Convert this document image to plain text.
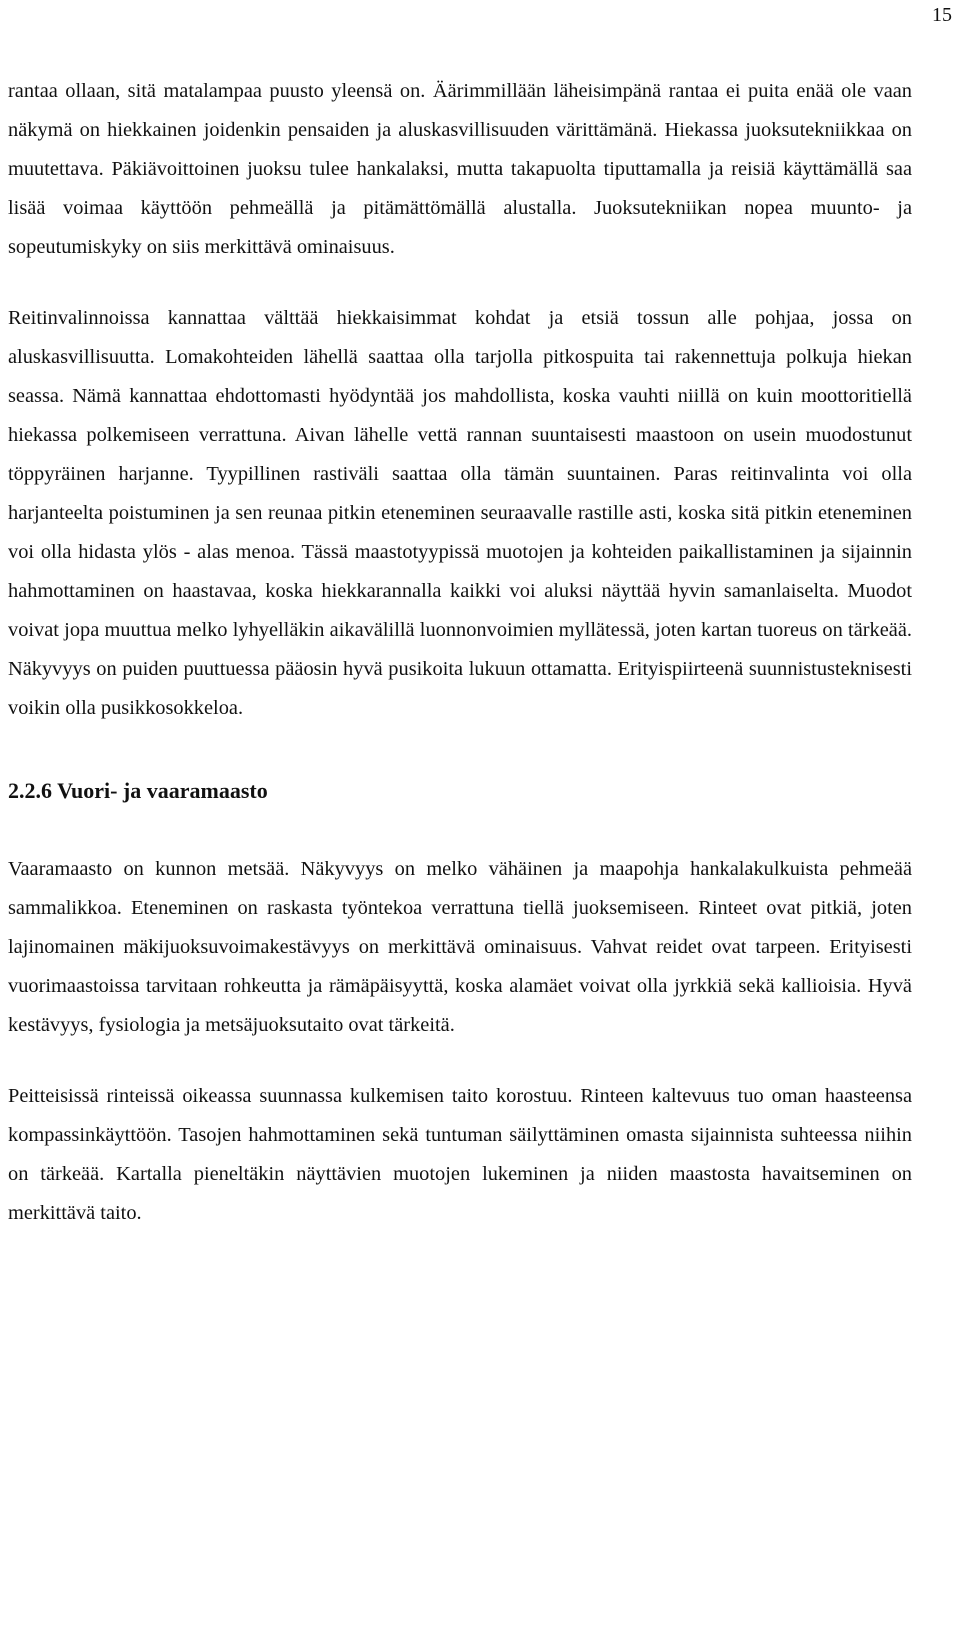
15

rantaa ollaan, sitä matalampaa puusto yleensä on. Äärimmillään läheisimpänä rantaa ei puita enää ole vaan näkymä on hiekkainen joidenkin pensaiden ja aluskasvillisuuden värittämänä. Hiekassa juoksutekniikkaa on muutettava. Päkiävoittoinen juoksu tulee hankalaksi, mutta takapuolta tiputtamalla ja reisiä käyttämällä saa lisää voimaa käyttöön pehmeällä ja pitämättömällä alustalla. Juoksutekniikan nopea muunto- ja sopeutumiskyky on siis merkittävä ominaisuus.

Reitinvalinnoissa kannattaa välttää hiekkaisimmat kohdat ja etsiä tossun alle pohjaa, jossa on aluskasvillisuutta. Lomakohteiden lähellä saattaa olla tarjolla pitkospuita tai rakennettuja polkuja hiekan seassa. Nämä kannattaa ehdottomasti hyödyntää jos mahdollista, koska vauhti niillä on kuin moottoritiellä hiekassa polkemiseen verrattuna. Aivan lähelle vettä rannan suuntaisesti maastoon on usein muodostunut töppyräinen harjanne. Tyypillinen rastiväli saattaa olla tämän suuntainen. Paras reitinvalinta voi olla harjanteelta poistuminen ja sen reunaa pitkin eteneminen seuraavalle rastille asti, koska sitä pitkin eteneminen voi olla hidasta ylös - alas menoa. Tässä maastotyypissä muotojen ja kohteiden paikallistaminen ja sijainnin hahmottaminen on haastavaa, koska hiekkarannalla kaikki voi aluksi näyttää hyvin samanlaiselta. Muodot voivat jopa muuttua melko lyhyelläkin aikavälillä luonnonvoimien myllätessä, joten kartan tuoreus on tärkeää. Näkyvyys on puiden puuttuessa pääosin hyvä pusikoita lukuun ottamatta. Erityispiirteenä suunnistusteknisesti voikin olla pusikkosokkeloa.

2.2.6 Vuori- ja vaaramaasto

Vaaramaasto on kunnon metsää. Näkyvyys on melko vähäinen ja maapohja hankalakulkuista pehmeää sammalikkoa. Eteneminen on raskasta työntekoa verrattuna tiellä juoksemiseen. Rinteet ovat pitkiä, joten lajinomainen mäkijuoksuvoimakestävyys on merkittävä ominaisuus. Vahvat reidet ovat tarpeen. Erityisesti vuorimaastoissa tarvitaan rohkeutta ja rämäpäisyyttä, koska alamäet voivat olla jyrkkiä sekä kallioisia. Hyvä kestävyys, fysiologia ja metsäjuoksutaito ovat tärkeitä.

Peitteisissä rinteissä oikeassa suunnassa kulkemisen taito korostuu. Rinteen kaltevuus tuo oman haasteensa kompassinkäyttöön. Tasojen hahmottaminen sekä tuntuman säilyttäminen omasta sijainnista suhteessa niihin on tärkeää. Kartalla pieneltäkin näyttävien muotojen lukeminen ja niiden maastosta havaitseminen on merkittävä taito.
